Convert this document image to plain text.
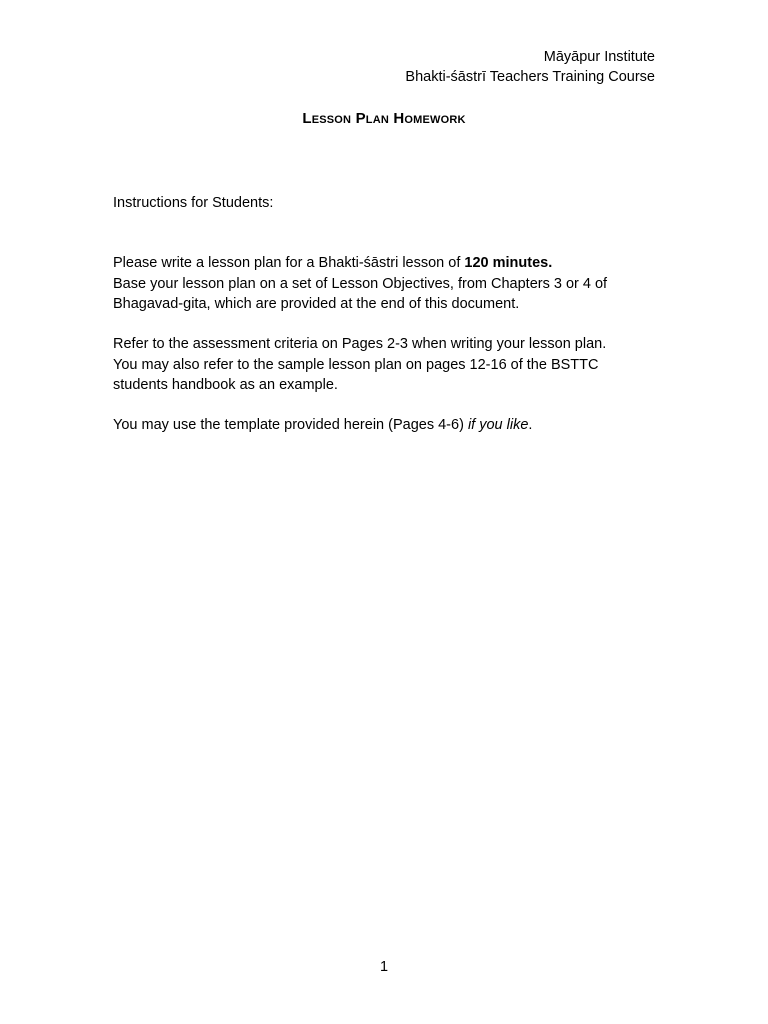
Māyāpur Institute
Bhakti-śāstrī Teachers Training Course
Lesson Plan Homework

Instructions for Students:

Please write a lesson plan for a Bhakti-śāstri lesson of 120 minutes.

Base your lesson plan on a set of Lesson Objectives, from Chapters 3 or 4 of

Bhagavad-gita, which are provided at the end of this document.

Refer to the assessment criteria on Pages 2-3 when writing your lesson plan.

You may also refer to the sample lesson plan on pages 12-16 of the BSTTC

students handbook as an example.

You may use the template provided herein (Pages 4-6) if you like.

1
